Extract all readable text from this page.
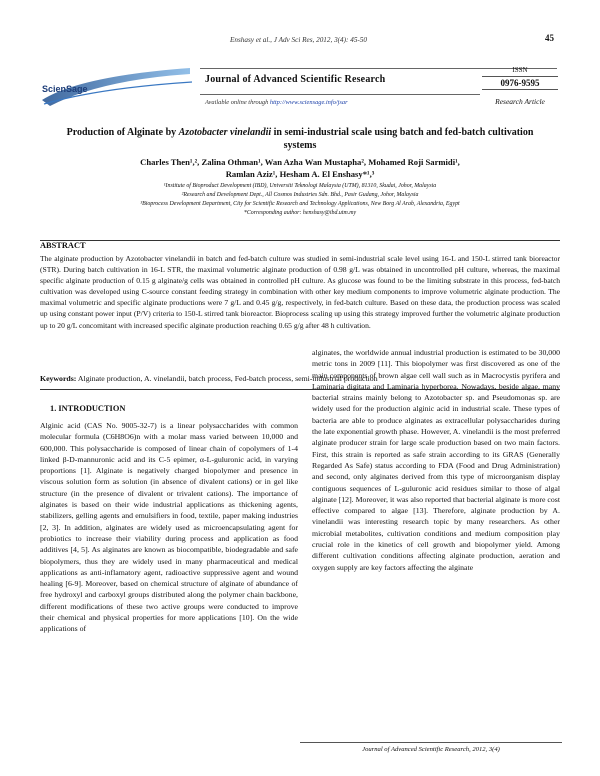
Enshasy et al., J Adv Sci Res, 2012, 3(4): 45-50	45
ScienSage
Journal of Advanced Scientific Research
Available online through http://www.sciensage.info/jsar
ISSN
0976-9595
Research Article
Production of Alginate by Azotobacter vinelandii in semi-industrial scale using batch and fed-batch cultivation systems
Charles Then¹,², Zalina Othman¹, Wan Azha Wan Mustapha², Mohamed Roji Sarmidi¹,
Ramlan Aziz¹, Hesham A. El Enshasy*¹,³
¹Institute of Bioproduct Development (IBD), Universiti Teknologi Malaysia (UTM), 81310, Skudai, Johor, Malaysia
²Research and Development Dept., All Cosmos Industries Sdn. Bhd., Pasir Gudang, Johor, Malaysia
³Bioprocess Development Department, City for Scientific Research and Technology Applications, New Borg Al Arab, Alexandria, Egypt
*Corresponding author: henshasy@ibd.utm.my
ABSTRACT
The alginate production by Azotobacter vinelandii in batch and fed-batch culture was studied in semi-industrial scale level using 16-L and 150-L stirred tank bioreactor (STR). During batch cultivation in 16-L STR, the maximal volumetric alginate production of 0.98 g/L was obtained in uncontrolled pH culture, whereas, the maximal specific alginate production of 0.15 g alginate/g cells was obtained in controlled pH culture. As glucose was found to be the limiting substrate in this process, fed-batch cultivation was developed using C-source constant feeding strategy in combination with other key medium components to improve volumetric alginate production. The maximal volumetric and specific alginate productions were 7 g/L and 0.45 g/g, respectively, in fed-batch culture. Based on these data, the production process was scaled up using constant power input (P/V) criteria to 150-L stirred tank bioreactor. Bioprocess scaling up using this strategy improved further the volumetric alginate production up to 20 g/L concomitant with increased specific alginate production reaching 0.65 g/g after 48 h cultivation.
Keywords: Alginate production, A. vinelandii, batch process, Fed-batch process, semi-industrial production
1. INTRODUCTION
Alginic acid (CAS No. 9005-32-7) is a linear polysaccharides with common molecular formula (C6H8O6)n with a molar mass varied between 10,000 and 600,000. This polysaccharide is composed of linear chain of copolymers of 1-4 linked β-D-mannuronic acid and its C-5 epimer, α-L-guluronic acid, in varying proportions [1]. Alginate is negatively charged biopolymer and presence in viscous solution form as solution (in absence of divalent cations) or in gel like structure (in the presence of divalent or trivalent cations). The importance of alginates is based on their wide industrial applications as thickening agents, stabilizers, gelling agents and emulsifiers in food, textile, paper making industries [2, 3]. In addition, alginates are widely used as microencapsulating agent for probiotics to increase their viability during process and application as food additives [4, 5]. As alginates are known as biocompatible, biodegradable and safe biopolymers, thus they are widely used in many pharmaceutical and medical applications as anti-inflamatory agent, radioactive suppressive agent and wound healing [6-9]. Moreover, based on chemical structure of alginate of abundance of free hydroxyl and carboxyl groups distributed along the polymer chain backbone, different modifications of these two active groups were conducted to improve their chemical and physical properties for more applications [10]. On the wide applications of
alginates, the worldwide annual industrial production is estimated to be 30,000 metric tons in 2009 [11]. This biopolymer was first discovered as one of the main components of brown algae cell wall such as in Macrocystis pyrifera and Laminaria digitata and Laminaria hyperborea. Nowadays, beside algae, many bacterial strains mainly belong to Azotobacter sp. and Pseudomonas sp. are widely used for the production alginic acid in industrial scale. These types of bacteria are able to produce alginates as extracellular polysaccharides during the late exponential growth phase. However, A. vinelandii is the most preferred alginate producer strain for large scale production based on two main factors. First, this strain is reported as safe strain according to its GRAS (Generally Regarded As Safe) status according to FDA (Food and Drug Administration) and second, only alginates derived from this type of microorganism display contiguous sequences of L-guluronic acid residues similar to those of algal alginate [12]. Moreover, it was also reported that bacterial alginate is more cost effective compared to algae [13]. Therefore, alginate production by A. vinelandii was interesting research topic by many researchers. As other microbial metabolites, cultivation conditions and medium composition play crucial role in the kinetics of cell growth and biopolymer yield. Among different cultivation conditions affecting alginate production, aeration and oxygen supply are key factors affecting the alginate
Journal of Advanced Scientific Research, 2012, 3(4)
